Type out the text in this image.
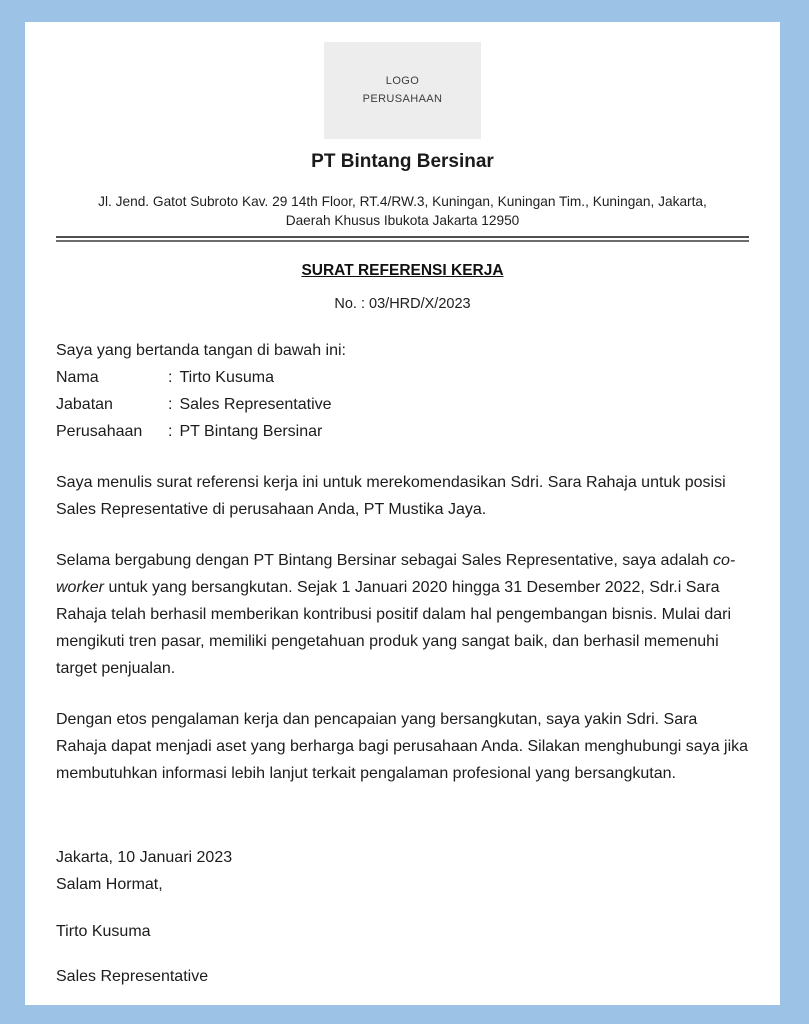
LOGO
PERUSAHAAN
PT Bintang Bersinar
Jl. Jend. Gatot Subroto Kav. 29 14th Floor, RT.4/RW.3, Kuningan, Kuningan Tim., Kuningan, Jakarta,
Daerah Khusus Ibukota Jakarta 12950
SURAT REFERENSI KERJA
No. : 03/HRD/X/2023
Saya yang bertanda tangan di bawah ini:
Nama	: Tirto Kusuma
Jabatan	: Sales Representative
Perusahaan	: PT Bintang Bersinar
Saya menulis surat referensi kerja ini untuk merekomendasikan Sdri. Sara Rahaja untuk posisi Sales Representative di perusahaan Anda, PT Mustika Jaya.
Selama bergabung dengan PT Bintang Bersinar sebagai Sales Representative, saya adalah co-worker untuk yang bersangkutan. Sejak 1 Januari 2020 hingga 31 Desember 2022, Sdr.i Sara Rahaja telah berhasil memberikan kontribusi positif dalam hal pengembangan bisnis. Mulai dari mengikuti tren pasar, memiliki pengetahuan produk yang sangat baik, dan berhasil memenuhi target penjualan.
Dengan etos pengalaman kerja dan pencapaian yang bersangkutan, saya yakin Sdri. Sara Rahaja dapat menjadi aset yang berharga bagi perusahaan Anda. Silakan menghubungi saya jika membutuhkan informasi lebih lanjut terkait pengalaman profesional yang bersangkutan.
Jakarta, 10 Januari 2023
Salam Hormat,
Tirto Kusuma
Sales Representative
